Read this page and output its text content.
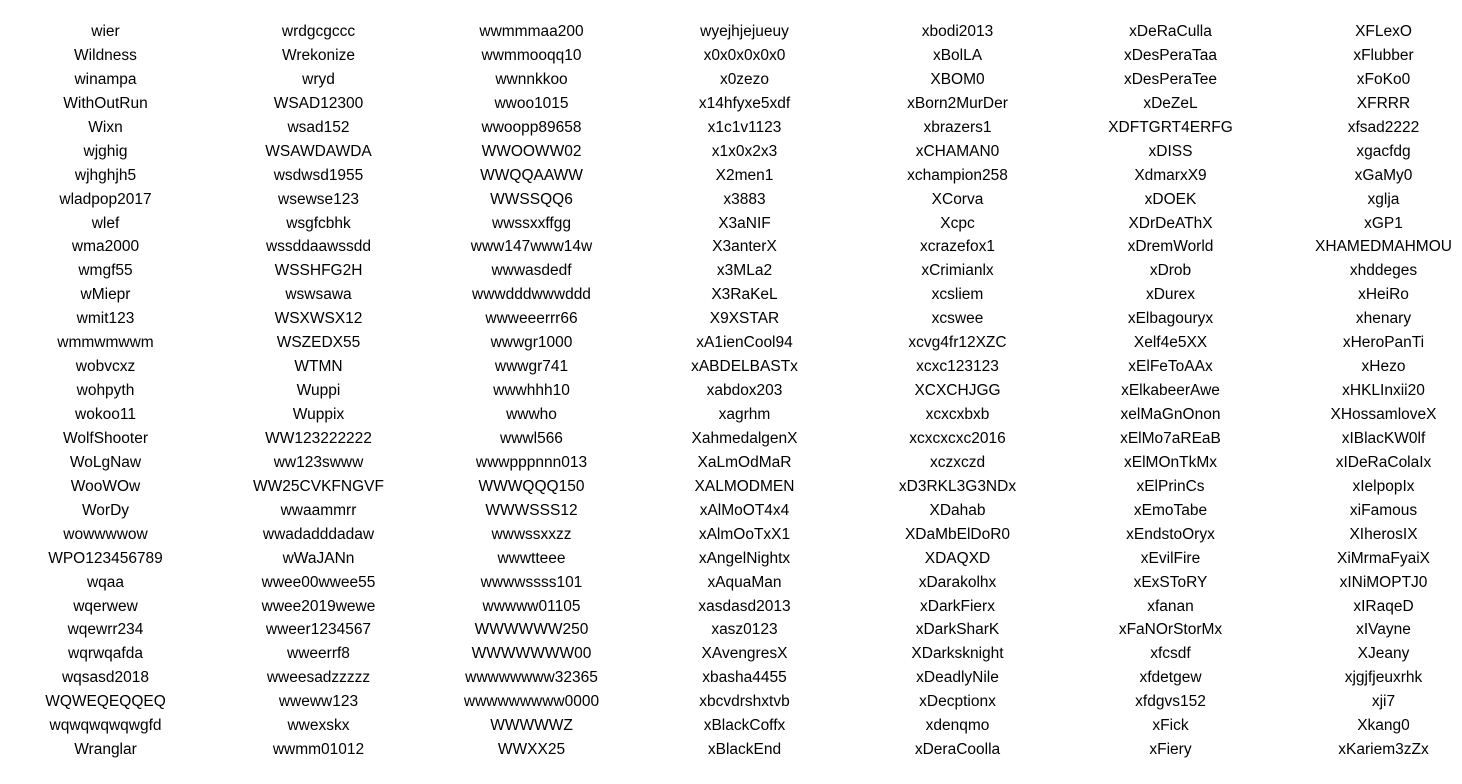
wier
Wildness
winampa
WithOutRun
Wixn
wjghig
wjhghjh5
wladpop2017
wlef
wma2000
wmgf55
wMiepr
wmit123
wmmwmwwm
wobvcxz
wohpyth
wokoo11
WolfShooter
WoLgNaw
WooWOw
WorDy
wowwwwow
WPO123456789
wqaa
wqerwew
wqewrr234
wqrwqafda
wqsasd2018
WQWEQEQQEQ
wqwqwqwqwgfd
Wranglar
wrdgcgccc
Wrekonize
wryd
WSAD12300
wsad152
WSAWDAWDA
wsdwsd1955
wsewse123
wsgfcbhk
wssddaawssdd
WSSHFG2H
wswsawa
WSXWSX12
WSZEDX55
WTMN
Wuppi
Wuppix
WW123222222
ww123swww
WW25CVKFNGVF
wwaammrr
wwadadddadaw
wWaJANn
wwee00wwee55
wwee2019wewe
wweer1234567
wweerrf8
wweesadzzzzz
wweww123
wwexskx
wwmm01012
wwmmmaa200
wwmmooqq10
wwnnkkoo
wwoo1015
wwoopp89658
WWOOWW02
WWQQAAWW
WWSSQQ6
wwssxxffgg
www147www14w
wwwasdedf
wwwdddwwwddd
wwweeerrr66
wwwgr1000
wwwgr741
wwwhhh10
wwwho
wwwl566
wwwpppnnn013
WWWQQQ150
WWWSSS12
wwwssxxzz
wwwtteee
wwwwssss101
wwwww01105
WWWWWW250
WWWWWWW00
wwwwwwww32365
wwwwwwwww0000
WWWWWZ
WWXX25
wyejhjejueuy
x0x0x0x0x0
x0zezo
x14hfyxe5xdf
x1c1v1123
x1x0x2x3
X2men1
x3883
X3aNIF
X3anterX
x3MLa2
X3RaKeL
X9XSTAR
xA1ienCool94
xABDELBASTx
xabdox203
xagrhm
XahmedalgenX
XaLmOdMaR
XALMODMEN
xAlMoOT4x4
xAlmOoTxX1
xAngelNightx
xAquaMan
xasdasd2013
xasz0123
XAvengresX
xbasha4455
xbcvdrshxtvb
xBlackCoffx
xBlackEnd
xbodi2013
xBolLA
XBOM0
xBorn2MurDer
xbrazers1
xCHAMAN0
xchampion258
XCorva
Xcpc
xcrazefox1
xCrimianlx
xcsliem
xcswee
xcvg4fr12XZC
xcxc123123
XCXCHJGG
xcxcxbxb
xcxcxcxc2016
xczxczd
xD3RKL3G3NDx
XDahab
XDaMbElDoR0
XDAQXD
xDarakolhx
xDarkFierx
xDarkSharK
XDarksknight
xDeadlyNile
xDecptionx
xdenqmo
xDeraCoolla
xDeRaCulla
xDesPeraTaa
xDesPeraTee
xDeZeL
XDFTGRT4ERFG
xDISS
XdmarxX9
xDOEK
XDrDeAThX
xDremWorld
xDrob
xDurex
xElbagouryx
Xelf4e5XX
xElFeToAAx
xElkabeerAwe
xelMaGnOnon
xElMo7aREaB
xElMOnTkMx
xElPrinCs
xEmoTabe
xEndstoOryx
xEvilFire
xExSToRY
xfanan
xFaNOrStorMx
xfcsdf
xfdetgew
xfdgvs152
xFick
xFiery
XFLexO
xFlubber
xFoKo0
XFRRR
xfsad2222
xgacfdg
xGaMy0
xglja
xGP1
XHAMEDMAHMOU
xhddeges
xHeiRo
xhenary
xHeroPanTi
xHezo
xHKLInxii20
XHossamloveX
xIBlacKW0lf
xIDeRaColaIx
xIelpopIx
xiFamous
XIherosIX
XiMrmaFyaiX
xINiMOPTJ0
xIRaqeD
xIVayne
XJeany
xjgjfjeuxrhk
xji7
Xkang0
xKariem3zZx
